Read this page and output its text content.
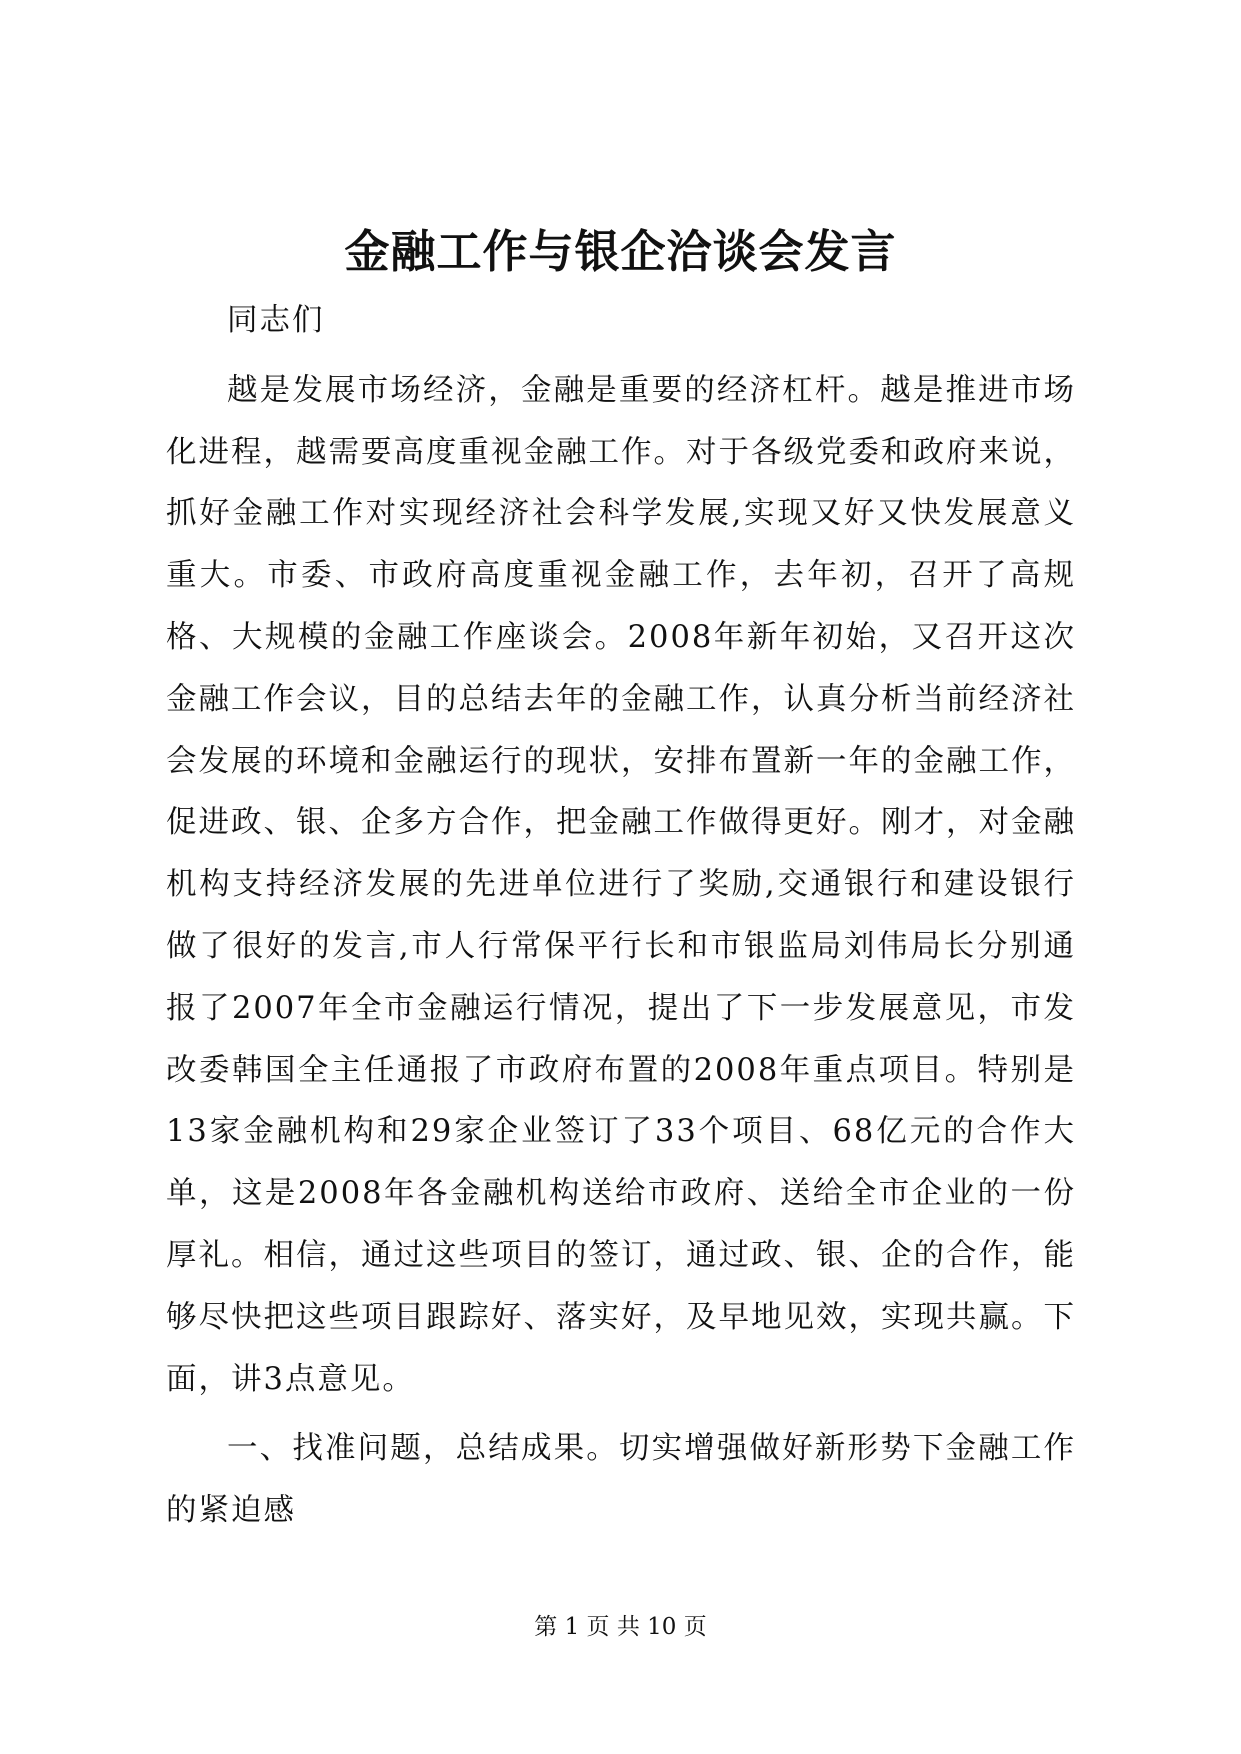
金融工作与银企洽谈会发言

同志们

越是发展市场经济，金融是重要的经济杠杆。越是推进市场化进程，越需要高度重视金融工作。对于各级党委和政府来说，抓好金融工作对实现经济社会科学发展,实现又好又快发展意义重大。市委、市政府高度重视金融工作，去年初，召开了高规格、大规模的金融工作座谈会。2008年新年初始，又召开这次金融工作会议，目的总结去年的金融工作，认真分析当前经济社会发展的环境和金融运行的现状，安排布置新一年的金融工作，促进政、银、企多方合作，把金融工作做得更好。刚才，对金融机构支持经济发展的先进单位进行了奖励,交通银行和建设银行做了很好的发言,市人行常保平行长和市银监局刘伟局长分别通报了2007年全市金融运行情况，提出了下一步发展意见，市发改委韩国全主任通报了市政府布置的2008年重点项目。特别是13家金融机构和29家企业签订了33个项目、68亿元的合作大单，这是2008年各金融机构送给市政府、送给全市企业的一份厚礼。相信，通过这些项目的签订，通过政、银、企的合作，能够尽快把这些项目跟踪好、落实好，及早地见效，实现共赢。下面，讲3点意见。

一、找准问题，总结成果。切实增强做好新形势下金融工作的紧迫感

第 1 页 共 10 页
